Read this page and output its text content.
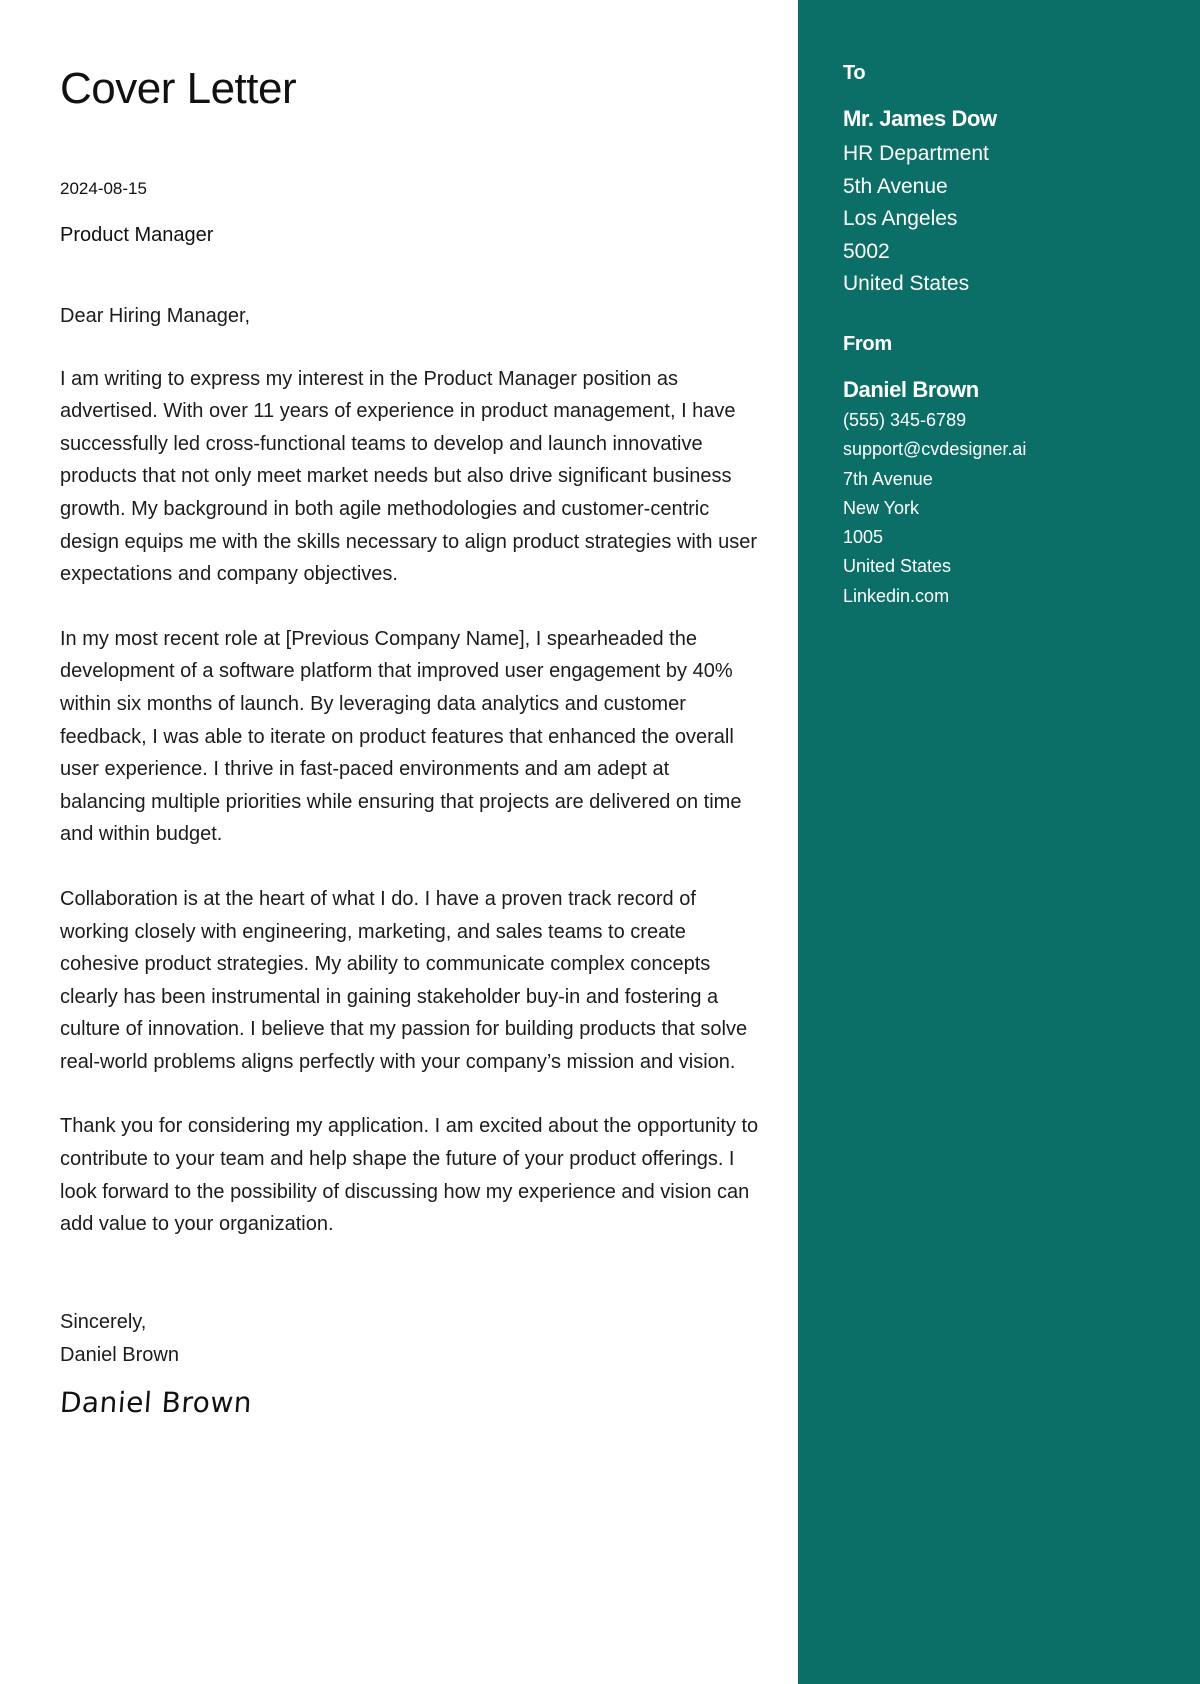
Cover Letter
2024-08-15
Product Manager

Dear Hiring Manager,

I am writing to express my interest in the Product Manager position as advertised. With over 11 years of experience in product management, I have successfully led cross-functional teams to develop and launch innovative products that not only meet market needs but also drive significant business growth. My background in both agile methodologies and customer-centric design equips me with the skills necessary to align product strategies with user expectations and company objectives.

In my most recent role at [Previous Company Name], I spearheaded the development of a software platform that improved user engagement by 40% within six months of launch. By leveraging data analytics and customer feedback, I was able to iterate on product features that enhanced the overall user experience. I thrive in fast-paced environments and am adept at balancing multiple priorities while ensuring that projects are delivered on time and within budget.

Collaboration is at the heart of what I do. I have a proven track record of working closely with engineering, marketing, and sales teams to create cohesive product strategies. My ability to communicate complex concepts clearly has been instrumental in gaining stakeholder buy-in and fostering a culture of innovation. I believe that my passion for building products that solve real-world problems aligns perfectly with your company’s mission and vision.

Thank you for considering my application. I am excited about the opportunity to contribute to your team and help shape the future of your product offerings. I look forward to the possibility of discussing how my experience and vision can add value to your organization.

Sincerely,
Daniel Brown
Daniel Brown
To
Mr. James Dow
HR Department
5th Avenue
Los Angeles
5002
United States
From
Daniel Brown
(555) 345-6789
support@cvdesigner.ai
7th Avenue
New York
1005
United States
Linkedin.com
